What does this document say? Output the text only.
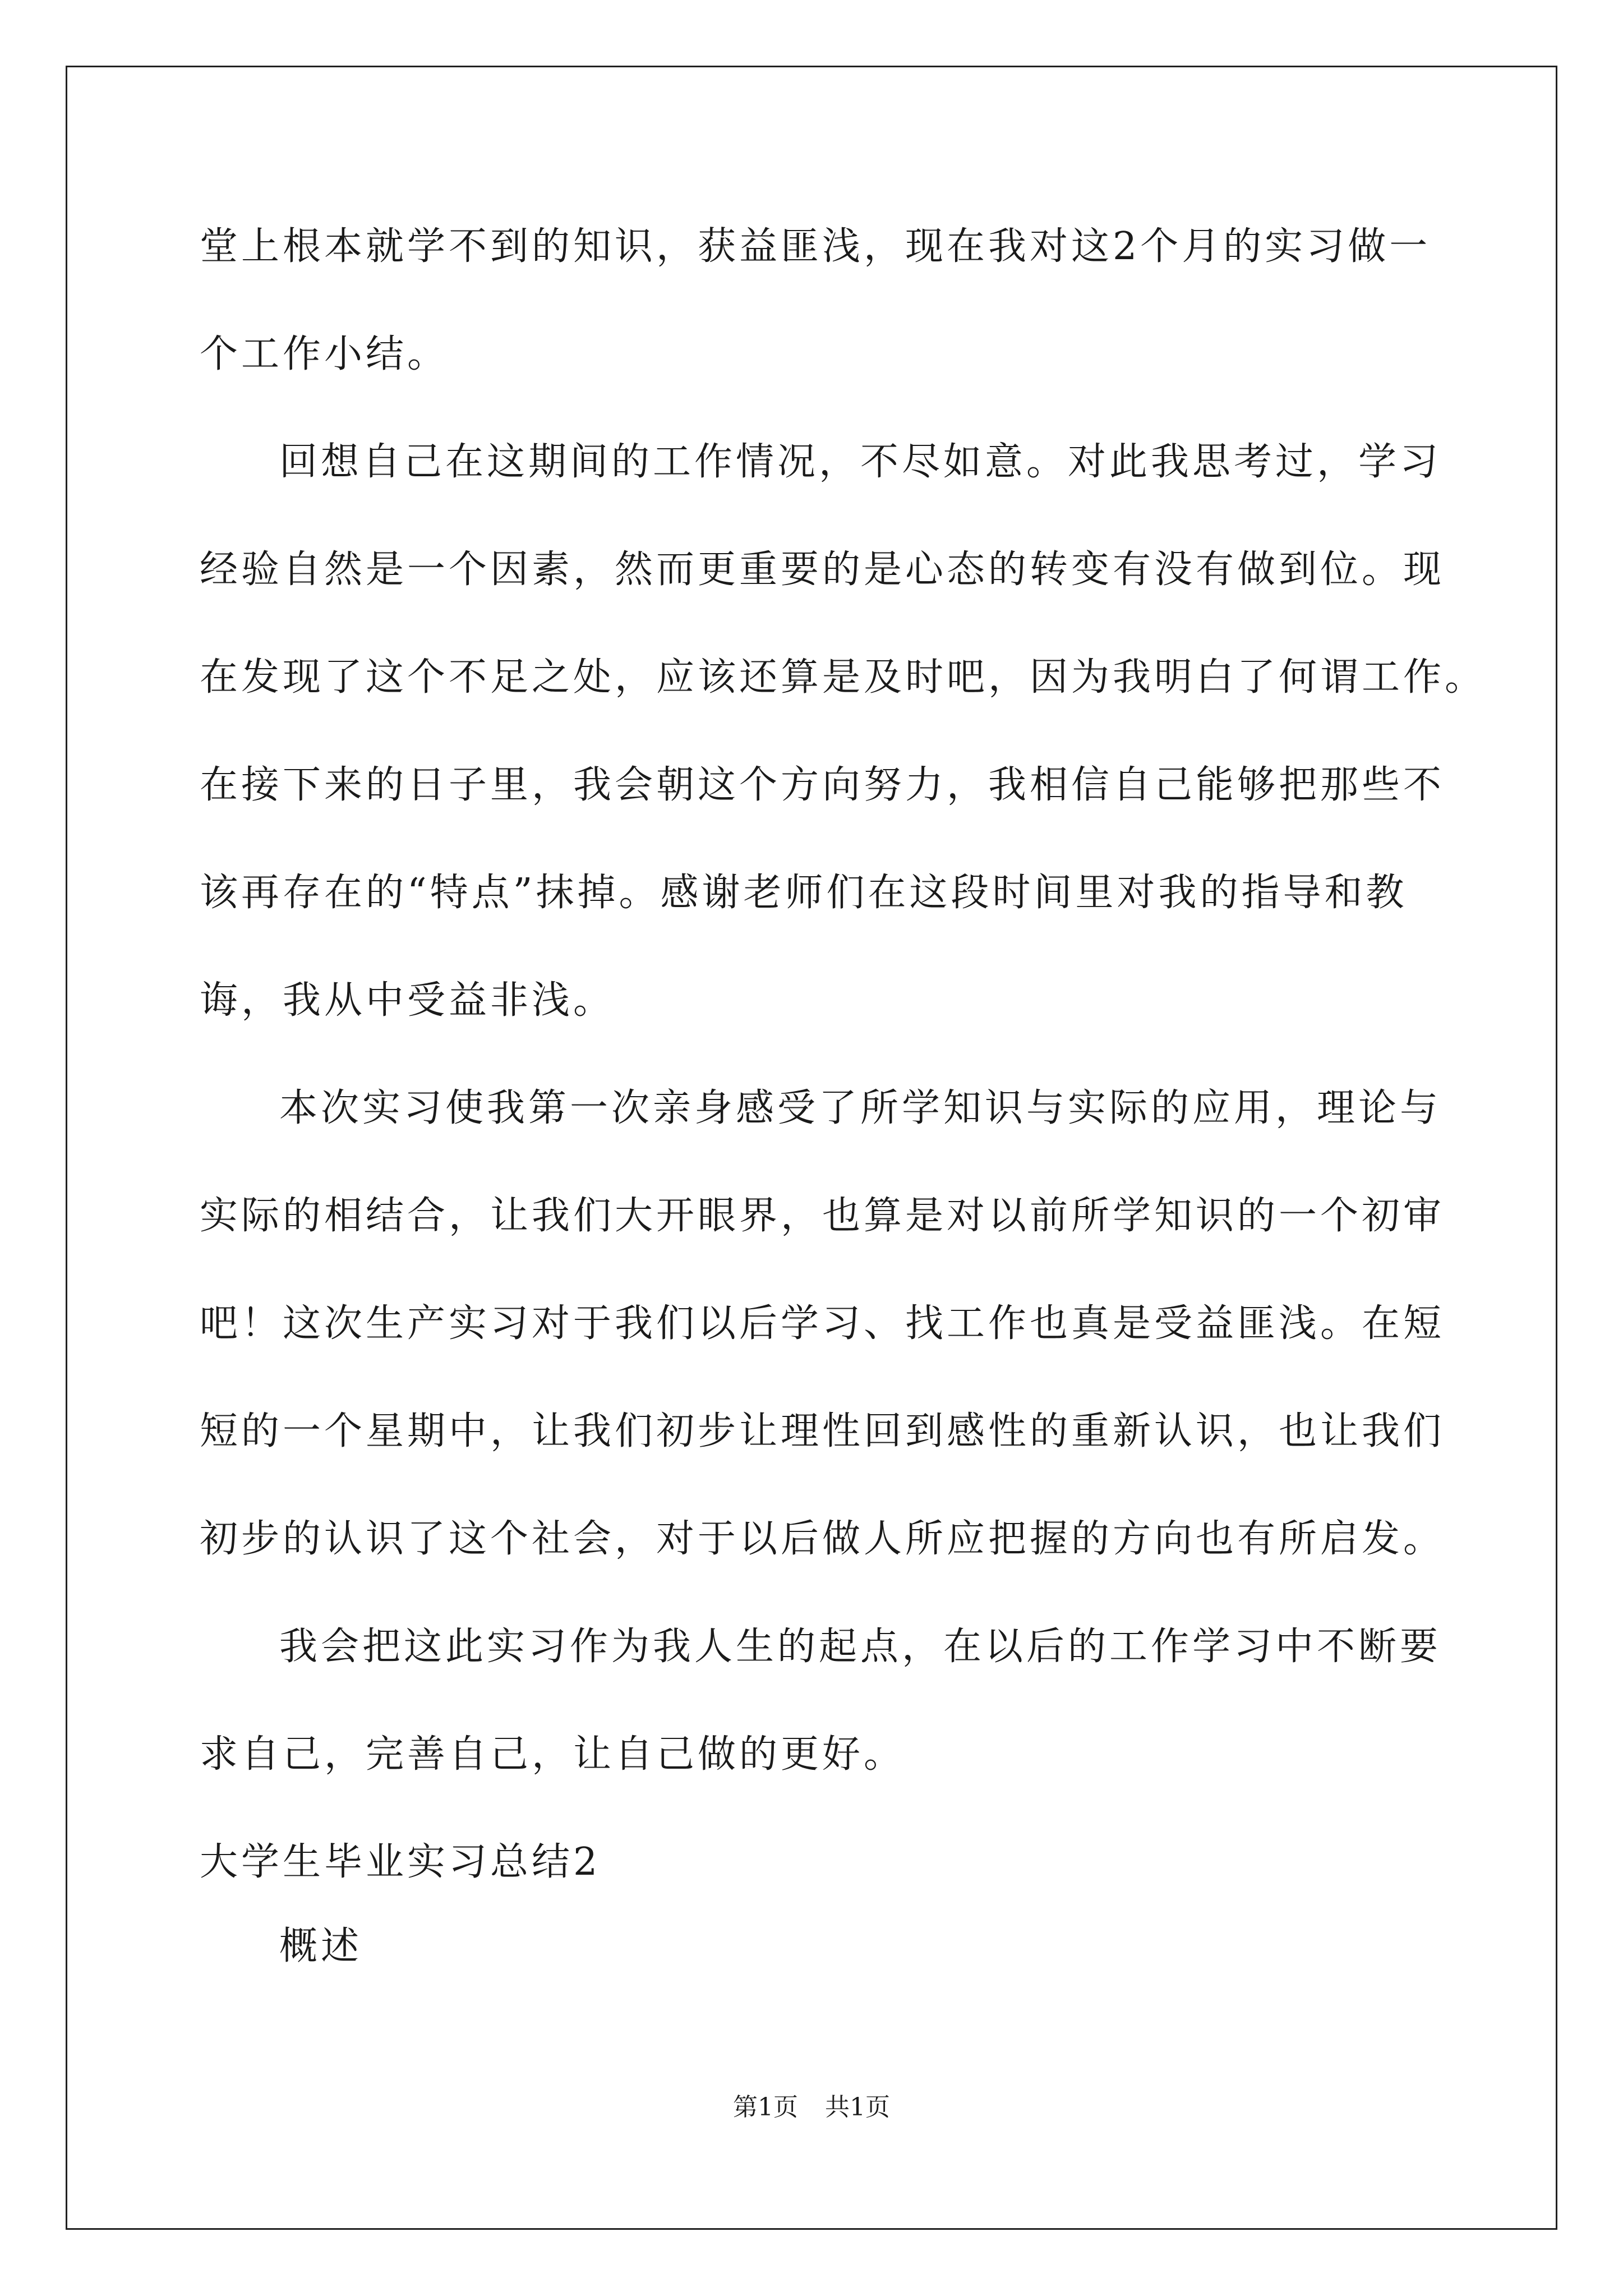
堂上根本就学不到的知识，获益匪浅，现在我对这2个月的实习做一
个工作小结。
回想自己在这期间的工作情况，不尽如意。对此我思考过，学习
经验自然是一个因素，然而更重要的是心态的转变有没有做到位。现
在发现了这个不足之处，应该还算是及时吧，因为我明白了何谓工作。
在接下来的日子里，我会朝这个方向努力，我相信自己能够把那些不
该再存在的“特点”抹掉。感谢老师们在这段时间里对我的指导和教
诲，我从中受益非浅。
本次实习使我第一次亲身感受了所学知识与实际的应用，理论与
实际的相结合，让我们大开眼界，也算是对以前所学知识的一个初审
吧！这次生产实习对于我们以后学习、找工作也真是受益匪浅。在短
短的一个星期中，让我们初步让理性回到感性的重新认识，也让我们
初步的认识了这个社会，对于以后做人所应把握的方向也有所启发。
我会把这此实习作为我人生的起点，在以后的工作学习中不断要
求自己，完善自己，让自己做的更好。
大学生毕业实习总结2
概述
第1页 共1页
